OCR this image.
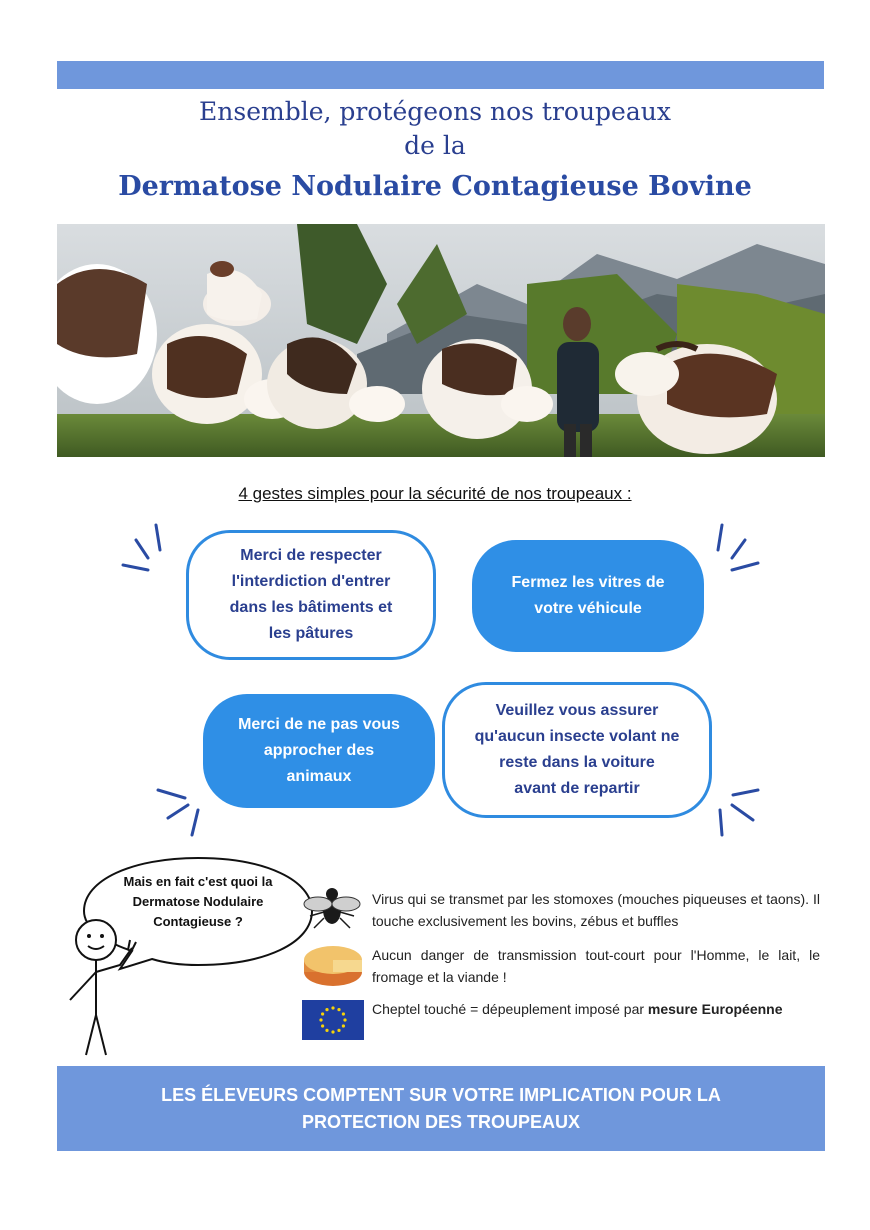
Ensemble, protégeons nos troupeaux
de la
Dermatose Nodulaire Contagieuse Bovine
4 gestes simples pour la sécurité de nos troupeaux :
Merci de respecter
l'interdiction d'entrer
dans les bâtiments et
les pâtures
Fermez les vitres de
votre véhicule
Merci de ne pas vous
approcher des
animaux
Veuillez vous assurer
qu'aucun insecte volant ne
reste dans la voiture
avant de repartir
Mais en fait c'est quoi la
Dermatose Nodulaire
Contagieuse ?
Virus qui se transmet par les stomoxes (mouches piqueuses et taons). Il touche exclusivement les bovins, zébus et buffles
Aucun danger de transmission tout-court pour l'Homme, le lait, le fromage et la viande !
Cheptel touché = dépeuplement imposé par mesure Européenne
LES ÉLEVEURS COMPTENT SUR VOTRE IMPLICATION POUR LA
PROTECTION DES TROUPEAUX
